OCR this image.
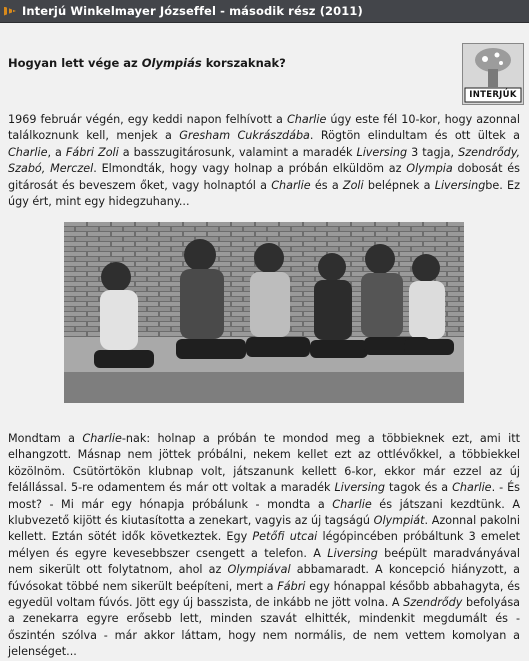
Interjú Winkelmayer Józseffel - második rész (2011)
Hogyan lett vége az Olympiás korszaknak?
INTERJÚK

1969 február végén, egy keddi napon felhívott a Charlie úgy este fél 10-kor, hogy azonnal találkoznunk kell, menjek a Gresham Cukrászdába. Rögtön elindultam és ott ültek a Charlie, a Fábri Zoli a basszugitárosunk, valamint a maradék Liversing 3 tagja, Szendrődy, Szabó, Merczel. Elmondták, hogy vagy holnap a próbán elküldöm az Olympia dobosát és gitárosát és beveszem őket, vagy holnaptól a Charlie és a Zoli belépnek a Liversingbe. Ez úgy ért, mint egy hidegzuhany...

Mondtam a Charlie-nak: holnap a próbán te mondod meg a többieknek ezt, ami itt elhangzott. Másnap nem jöttek próbálni, nekem kellet ezt az ottlévőkkel, a többiekkel közölnöm. Csütörtökön klubnap volt, játszanunk kellett 6-kor, ekkor már ezzel az új felállással. 5-re odamentem és már ott voltak a maradék Liversing tagok és a Charlie. - És most? - Mi már egy hónapja próbálunk - mondta a Charlie és játszani kezdtünk. A klubvezető kijött és kiutasította a zenekart, vagyis az új tagságú Olympiát. Azonnal pakolni kellett. Eztán sötét idők következtek. Egy Petőfi utcai légópincében próbáltunk 3 emelet mélyen és egyre kevesebbszer csengett a telefon. A Liversing beépült maradványával nem sikerült ott folytatnom, ahol az Olympiával abbamaradt. A koncepció hiányzott, a fúvósokat többé nem sikerült beépíteni, mert a Fábri egy hónappal később abbahagyta, és egyedül voltam fúvós. Jött egy új basszista, de inkább ne jött volna. A Szendrődy befolyása a zenekarra egyre erősebb lett, minden szavát elhitték, mindenkit megdumált és - őszintén szólva - már akkor láttam, hogy nem normális, de nem vettem komolyan a jelenséget...
